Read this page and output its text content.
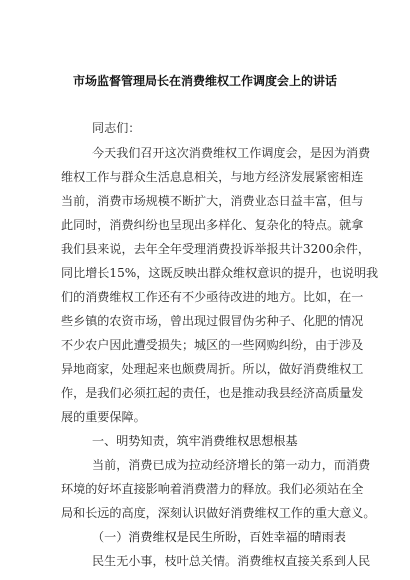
市场监督管理局长在消费维权工作调度会上的讲话
同志们：
今天我们召开这次消费维权工作调度会，是因为消费
维权工作与群众生活息息相关，与地方经济发展紧密相连
当前，消费市场规模不断扩大，消费业态日益丰富，但与
此同时，消费纠纷也呈现出多样化、复杂化的特点。就拿
我们县来说，去年全年受理消费投诉举报共计3200余件，
同比增长15%，这既反映出群众维权意识的提升，也说明我
们的消费维权工作还有不少亟待改进的地方。比如，在一
些乡镇的农资市场，曾出现过假冒伪劣种子、化肥的情况
不少农户因此遭受损失；城区的一些网购纠纷，由于涉及
异地商家，处理起来也颇费周折。所以，做好消费维权工
作，是我们必须扛起的责任，也是推动我县经济高质量发
展的重要保障。
一、明势知责，筑牢消费维权思想根基
当前，消费已成为拉动经济增长的第一动力，而消费
环境的好坏直接影响着消费潜力的释放。我们必须站在全
局和长远的高度，深刻认识做好消费维权工作的重大意义。
（一）消费维权是民生所盼，百姓幸福的晴雨表
民生无小事，枝叶总关情。消费维权直接关系到人民
